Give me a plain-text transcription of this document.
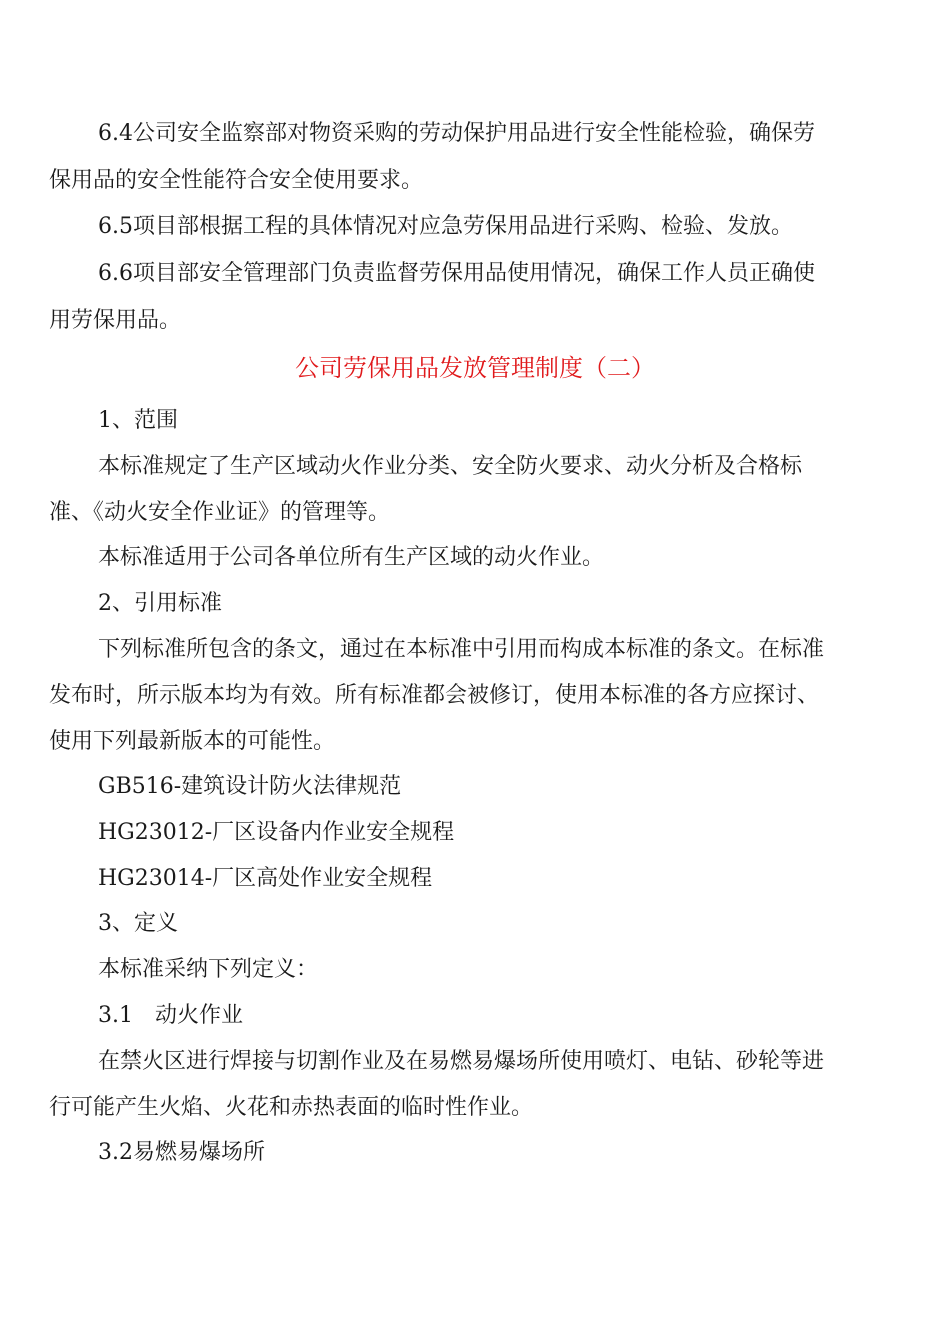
6.4公司安全监察部对物资采购的劳动保护用品进行安全性能检验，确保劳

保用品的安全性能符合安全使用要求。

6.5项目部根据工程的具体情况对应急劳保用品进行采购、检验、发放。

6.6项目部安全管理部门负责监督劳保用品使用情况，确保工作人员正确使

用劳保用品。

公司劳保用品发放管理制度（二）

1、范围

本标准规定了生产区域动火作业分类、安全防火要求、动火分析及合格标

准、《动火安全作业证》的管理等。

本标准适用于公司各单位所有生产区域的动火作业。

2、引用标准

下列标准所包含的条文，通过在本标准中引用而构成本标准的条文。在标准

发布时，所示版本均为有效。所有标准都会被修订，使用本标准的各方应探讨、

使用下列最新版本的可能性。

GB516-建筑设计防火法律规范

HG23012-厂区设备内作业安全规程

HG23014-厂区高处作业安全规程

3、定义

本标准采纳下列定义：

3.1　动火作业

在禁火区进行焊接与切割作业及在易燃易爆场所使用喷灯、电钻、砂轮等进

行可能产生火焰、火花和赤热表面的临时性作业。

3.2易燃易爆场所
